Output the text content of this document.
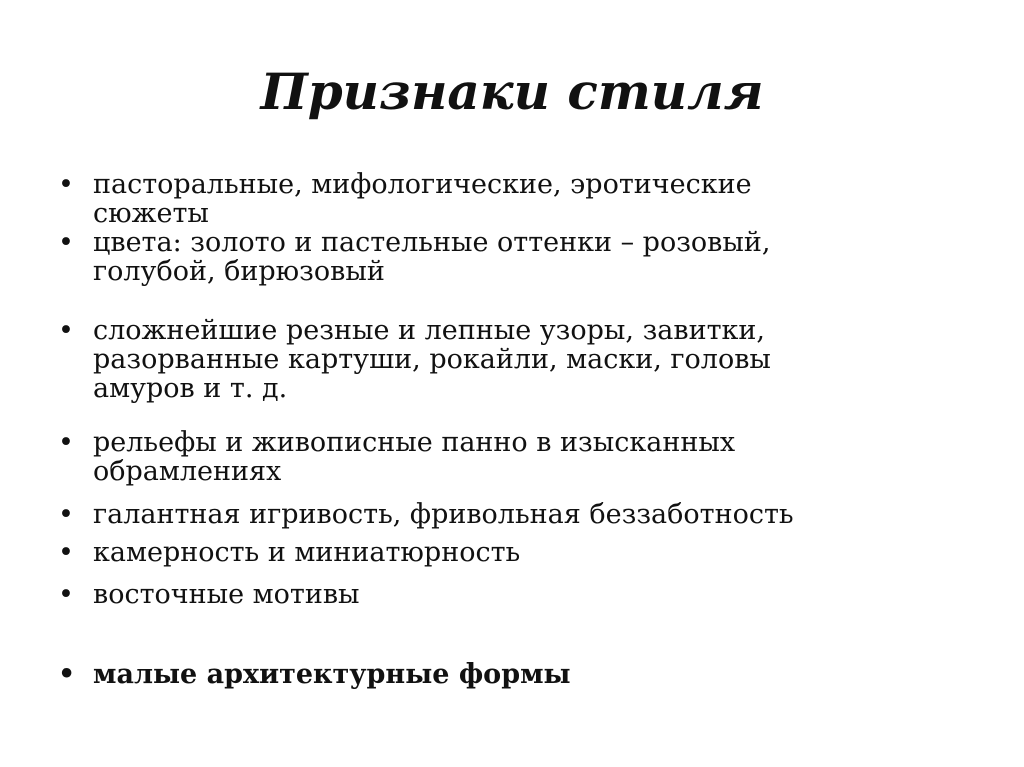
Признаки стиля
• пасторальные, мифологические, эротические
сюжеты
• цвета: золото и пастельные оттенки – розовый,
голубой, бирюзовый
• сложнейшие резные и лепные узоры, завитки,
разорванные картуши, рокайли, маски, головы
амуров и т. д.
• рельефы и живописные панно в изысканных
обрамлениях
• галантная игривость, фривольная беззаботность
• камерность и миниатюрность
• восточные мотивы
• малые архитектурные формы
